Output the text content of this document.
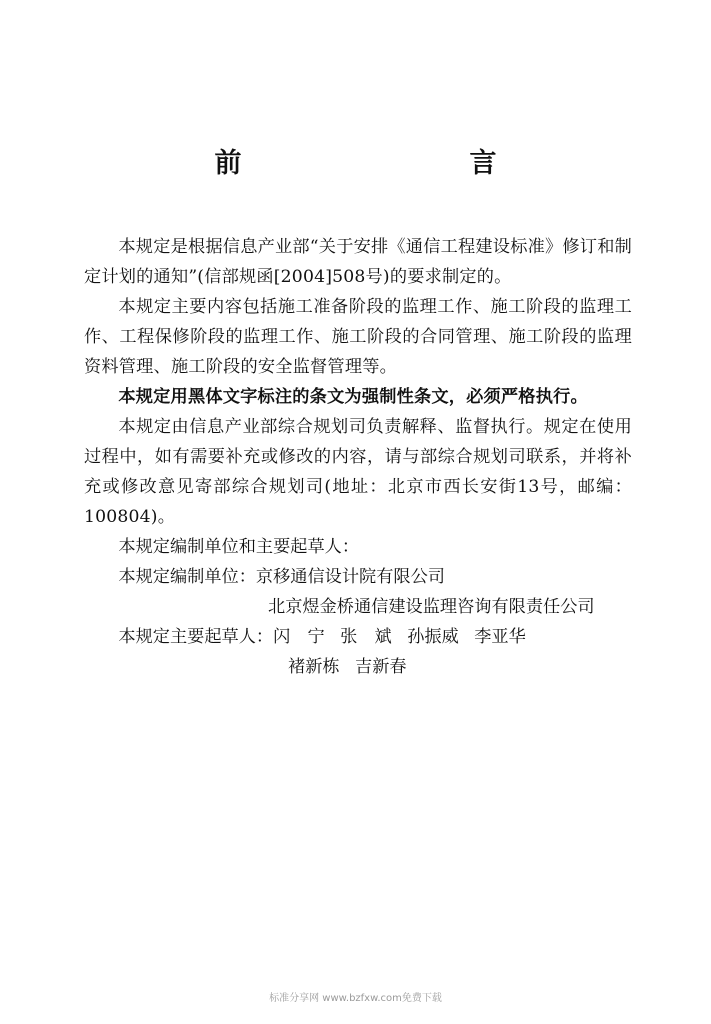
前　　言

本规定是根据信息产业部“关于安排《通信工程建设标准》修订和制定计划的通知”(信部规函[2004]508号)的要求制定的。

本规定主要内容包括施工准备阶段的监理工作、施工阶段的监理工作、工程保修阶段的监理工作、施工阶段的合同管理、施工阶段的监理资料管理、施工阶段的安全监督管理等。

本规定用黑体文字标注的条文为强制性条文，必须严格执行。

本规定由信息产业部综合规划司负责解释、监督执行。规定在使用过程中，如有需要补充或修改的内容，请与部综合规划司联系，并将补充或修改意见寄部综合规划司(地址：北京市西长安街13号，邮编：100804)。

本规定编制单位和主要起草人：

本规定编制单位：京移通信设计院有限公司

北京煜金桥通信建设监理咨询有限责任公司

本规定主要起草人：闪　宁 张　斌 孙振威 李亚华

褚新栋 吉新春

标准分享网 www.bzfxw.com免费下载
